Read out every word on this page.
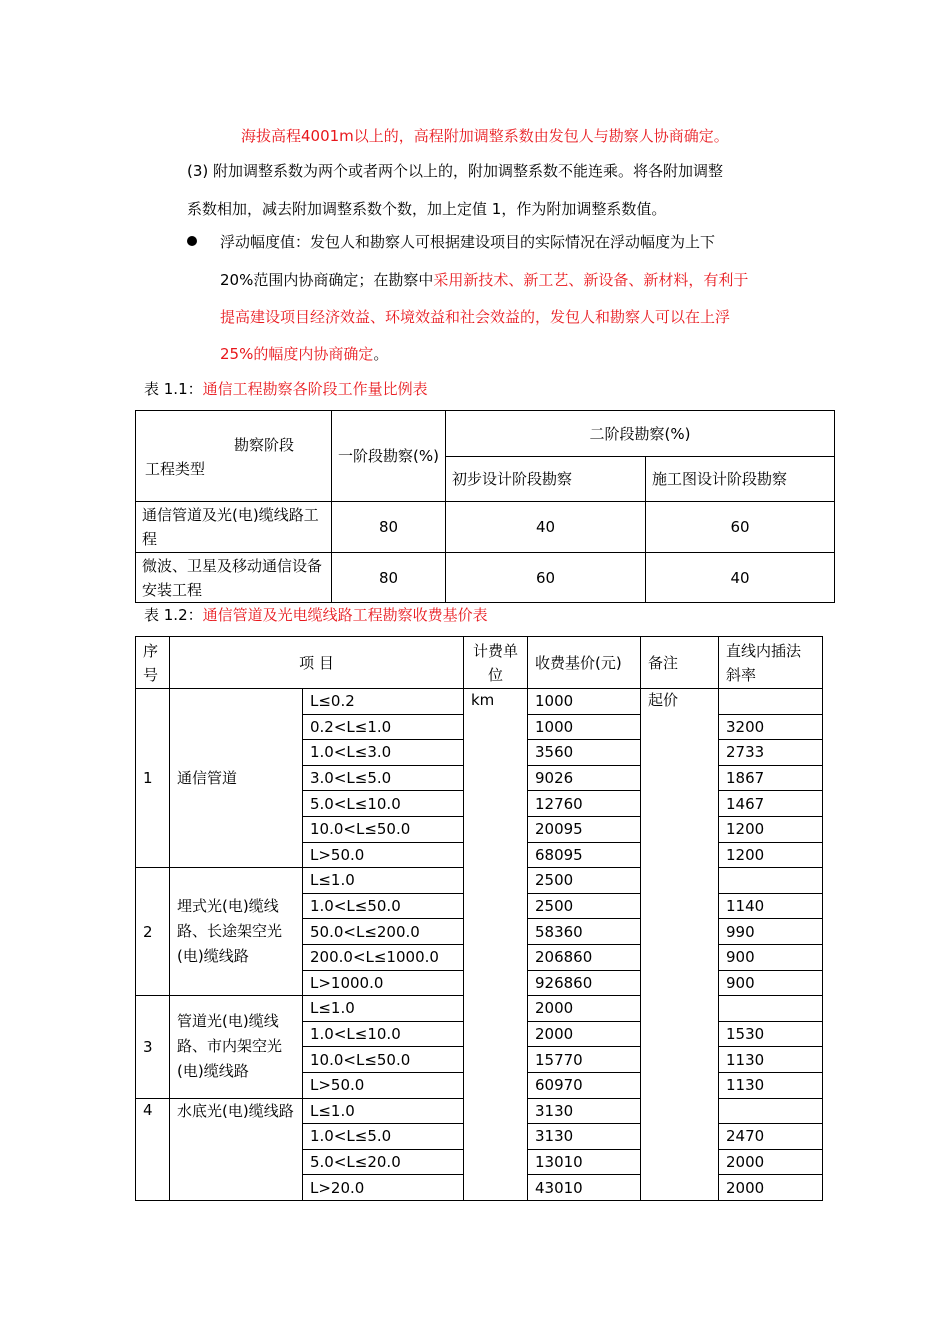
海拔高程4001m以上的，高程附加调整系数由发包人与勘察人协商确定。
(3) 附加调整系数为两个或者两个以上的，附加调整系数不能连乘。将各附加调整
系数相加，减去附加调整系数个数，加上定值 1，作为附加调整系数值。
浮动幅度值：发包人和勘察人可根据建设项目的实际情况在浮动幅度为上下
20%范围内协商确定；在勘察中采用新技术、新工艺、新设备、新材料，有利于
提高建设项目经济效益、环境效益和社会效益的，发包人和勘察人可以在上浮
25%的幅度内协商确定。
表 1.1：通信工程勘察各阶段工作量比例表
勘察阶段
工程类型	一阶段勘察(%)	二阶段勘察(%)	
		初步设计阶段勘察	施工图设计阶段勘察
通信管道及光(电)缆线路工程	80	40	60
微波、卫星及移动通信设备安装工程	80	60	40
表 1.2：通信管道及光电缆线路工程勘察收费基价表
序号	项 目		计费单位	收费基价(元)	备注	直线内插法斜率
1	通信管道	L≤0.2	km	1000	起价	
		0.2<L≤1.0		1000		3200
		1.0<L≤3.0		3560		2733
		3.0<L≤5.0		9026		1867
		5.0<L≤10.0		12760		1467
		10.0<L≤50.0		20095		1200
		L>50.0		68095		1200
2	埋式光(电)缆线路、长途架空光(电)缆线路	L≤1.0		2500		
		1.0<L≤50.0		2500		1140
		50.0<L≤200.0		58360		990
		200.0<L≤1000.0		206860		900
		L>1000.0		926860		900
3	管道光(电)缆线路、市内架空光(电)缆线路	L≤1.0		2000		
		1.0<L≤10.0		2000		1530
		10.0<L≤50.0		15770		1130
		L>50.0		60970		1130
4	水底光(电)缆线路	L≤1.0		3130		
		1.0<L≤5.0		3130		2470
		5.0<L≤20.0		13010		2000
		L>20.0		43010		2000
